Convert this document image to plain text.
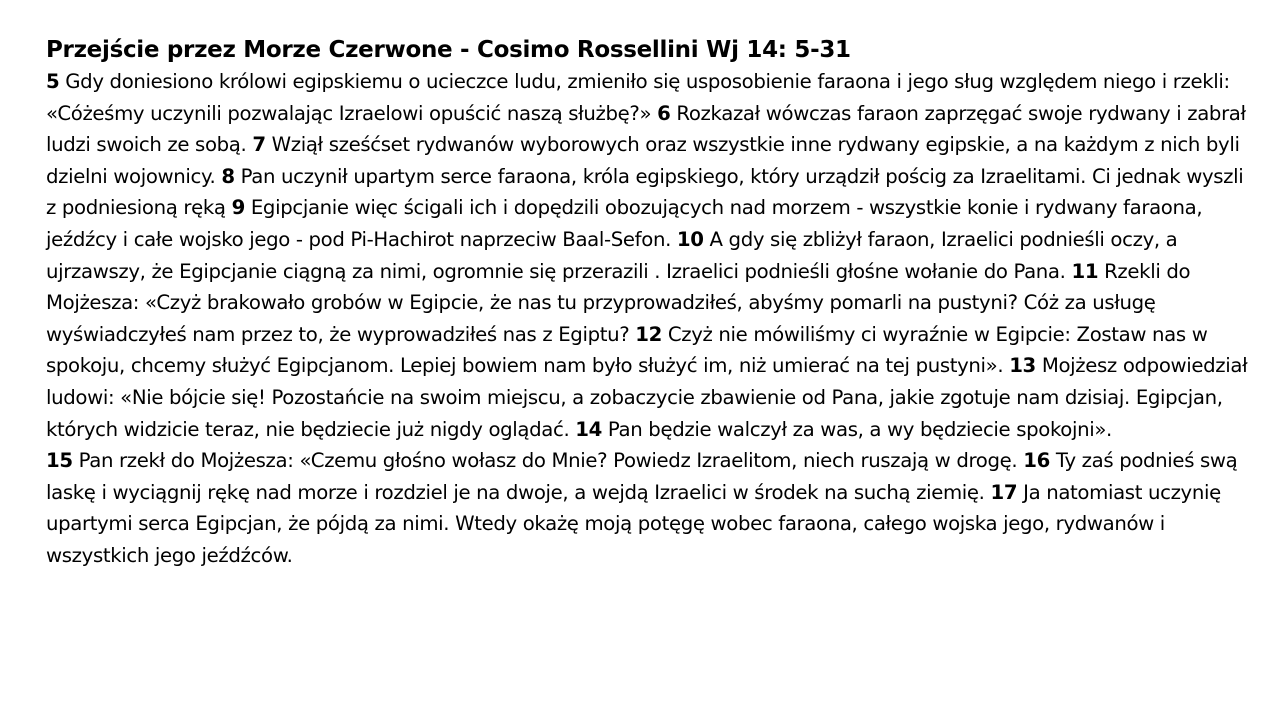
Przejście przez Morze Czerwone - Cosimo Rossellini Wj 14: 5-31

5 Gdy doniesiono królowi egipskiemu o ucieczce ludu, zmieniło się usposobienie faraona i jego sług względem niego i rzekli: «Cóżeśmy uczynili pozwalając Izraelowi opuścić naszą służbę?» 6 Rozkazał wówczas faraon zaprzęgać swoje rydwany i zabrał ludzi swoich ze sobą. 7 Wziął sześćset rydwanów wyborowych oraz wszystkie inne rydwany egipskie, a na każdym z nich byli dzielni wojownicy. 8 Pan uczynił upartym serce faraona, króla egipskiego, który urządził pościg za Izraelitami. Ci jednak wyszli z podniesioną ręką 9 Egipcjanie więc ścigali ich i dopędzili obozujących nad morzem - wszystkie konie i rydwany faraona, jeźdźcy i całe wojsko jego - pod Pi-Hachirot naprzeciw Baal-Sefon. 10 A gdy się zbliżył faraon, Izraelici podnieśli oczy, a ujrzawszy, że Egipcjanie ciągną za nimi, ogromnie się przerazili . Izraelici podnieśli głośne wołanie do Pana. 11 Rzekli do Mojżesza: «Czyż brakowało grobów w Egipcie, że nas tu przyprowadziłeś, abyśmy pomarli na pustyni? Cóż za usługę wyświadczyłeś nam przez to, że wyprowadziłeś nas z Egiptu? 12 Czyż nie mówiliśmy ci wyraźnie w Egipcie: Zostaw nas w spokoju, chcemy służyć Egipcjanom. Lepiej bowiem nam było służyć im, niż umierać na tej pustyni». 13 Mojżesz odpowiedział ludowi: «Nie bójcie się! Pozostańcie na swoim miejscu, a zobaczycie zbawienie od Pana, jakie zgotuje nam dzisiaj. Egipcjan, których widzicie teraz, nie będziecie już nigdy oglądać. 14 Pan będzie walczył za was, a wy będziecie spokojni».

15 Pan rzekł do Mojżesza: «Czemu głośno wołasz do Mnie? Powiedz Izraelitom, niech ruszają w drogę. 16 Ty zaś podnieś swą laskę i wyciągnij rękę nad morze i rozdziel je na dwoje, a wejdą Izraelici w środek na suchą ziemię. 17 Ja natomiast uczynię upartymi serca Egipcjan, że pójdą za nimi. Wtedy okażę moją potęgę wobec faraona, całego wojska jego, rydwanów i wszystkich jego jeźdźców.
